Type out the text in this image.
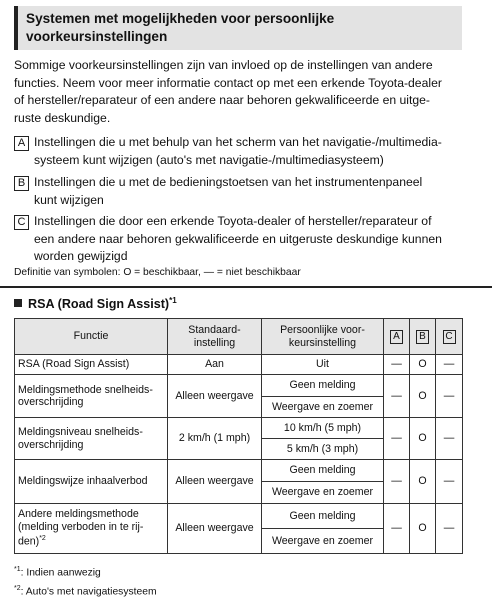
Systemen met mogelijkheden voor persoonlijke
voorkeursinstellingen
Sommige voorkeursinstellingen zijn van invloed op de instellingen van andere
functies. Neem voor meer informatie contact op met een erkende Toyota-dealer
of hersteller/reparateur of een andere naar behoren gekwalificeerde en uitge-
ruste deskundige.
A Instellingen die u met behulp van het scherm van het navigatie-/multimedia-
systeem kunt wijzigen (auto's met navigatie-/multimediasysteem)
B Instellingen die u met de bedieningstoetsen van het instrumentenpaneel
kunt wijzigen
C Instellingen die door een erkende Toyota-dealer of hersteller/reparateur of
een andere naar behoren gekwalificeerde en uitgeruste deskundige kunnen
worden gewijzigd
Definitie van symbolen: O = beschikbaar, — = niet beschikbaar
RSA (Road Sign Assist)$^{*1}$
Functie	Standaard-
instelling	Persoonlijke voor-
keursinstelling	A	B	C
RSA (Road Sign Assist)	Aan	Uit	—	O	—
Meldingsmethode snelheids-
overschrijding	Alleen weergave	Geen melding	—	O	—
		Weergave en zoemer			
Meldingsniveau snelheids-
overschrijding	2 km/h (1 mph)	10 km/h (5 mph)	—	O	—
		5 km/h (3 mph)			
Meldingswijze inhaalverbod	Alleen weergave	Geen melding	—	O	—
		Weergave en zoemer			
Andere meldingsmethode
(melding verboden in te rij-
den)$^{*2}$	Alleen weergave	Geen melding	—	O	—
		Weergave en zoemer			
$^{*1}$: Indien aanwezig
$^{*2}$: Auto's met navigatiesysteem
